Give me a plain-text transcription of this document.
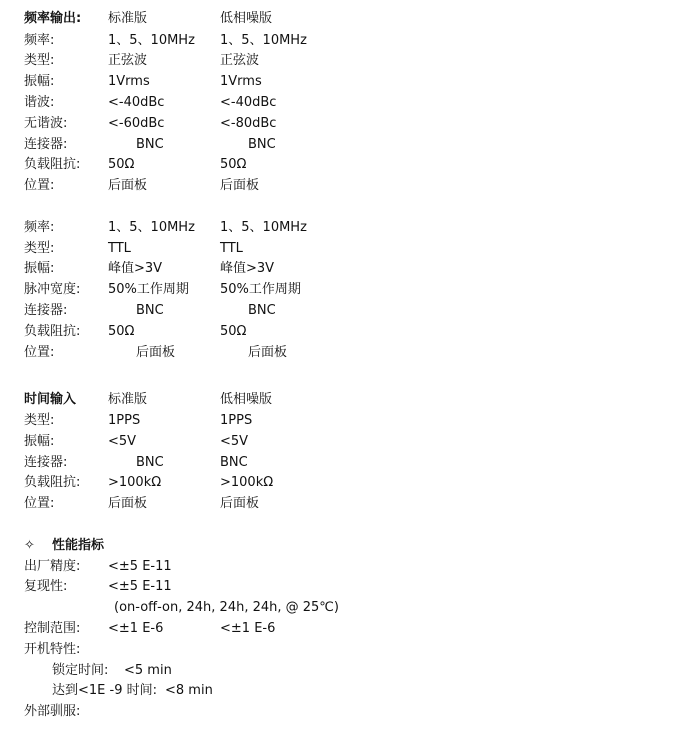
频率输出: 标准版	低相噪版
频率:	1、5、10MHz 1、5、10MHz
类型:	正弦波	正弦波
振幅:	1Vrms	1Vrms
谐波:	<-40dBc	<-40dBc
无谐波:	<-60dBc	<-80dBc
连接器:	BNC	BNC
负载阻抗: 50Ω	50Ω
位置:	后面板	后面板
频率:	1、5、10MHz 1、5、10MHz
类型:	TTL	TTL
振幅:	峰值>3V	峰值>3V
脉冲宽度: 50%工作周期 50%工作周期
连接器:	BNC	BNC
负载阻抗: 50Ω	50Ω
位置:	后面板	后面板
时间输入 标准版	低相噪版
类型:	1PPS	1PPS
振幅:	<5V	<5V
连接器:	BNC	BNC
负载阻抗: >100kΩ	>100kΩ
位置:	后面板	后面板
✧ 性能指标
出厂精度: <±5 E-11
复现性:	<±5 E-11
(on-off-on, 24h, 24h, 24h, @ 25℃)
控制范围: <±1 E-6	<±1 E-6
开机特性:
锁定时间: <5 min
达到<1E -9 时间: <8 min
外部驯服:
